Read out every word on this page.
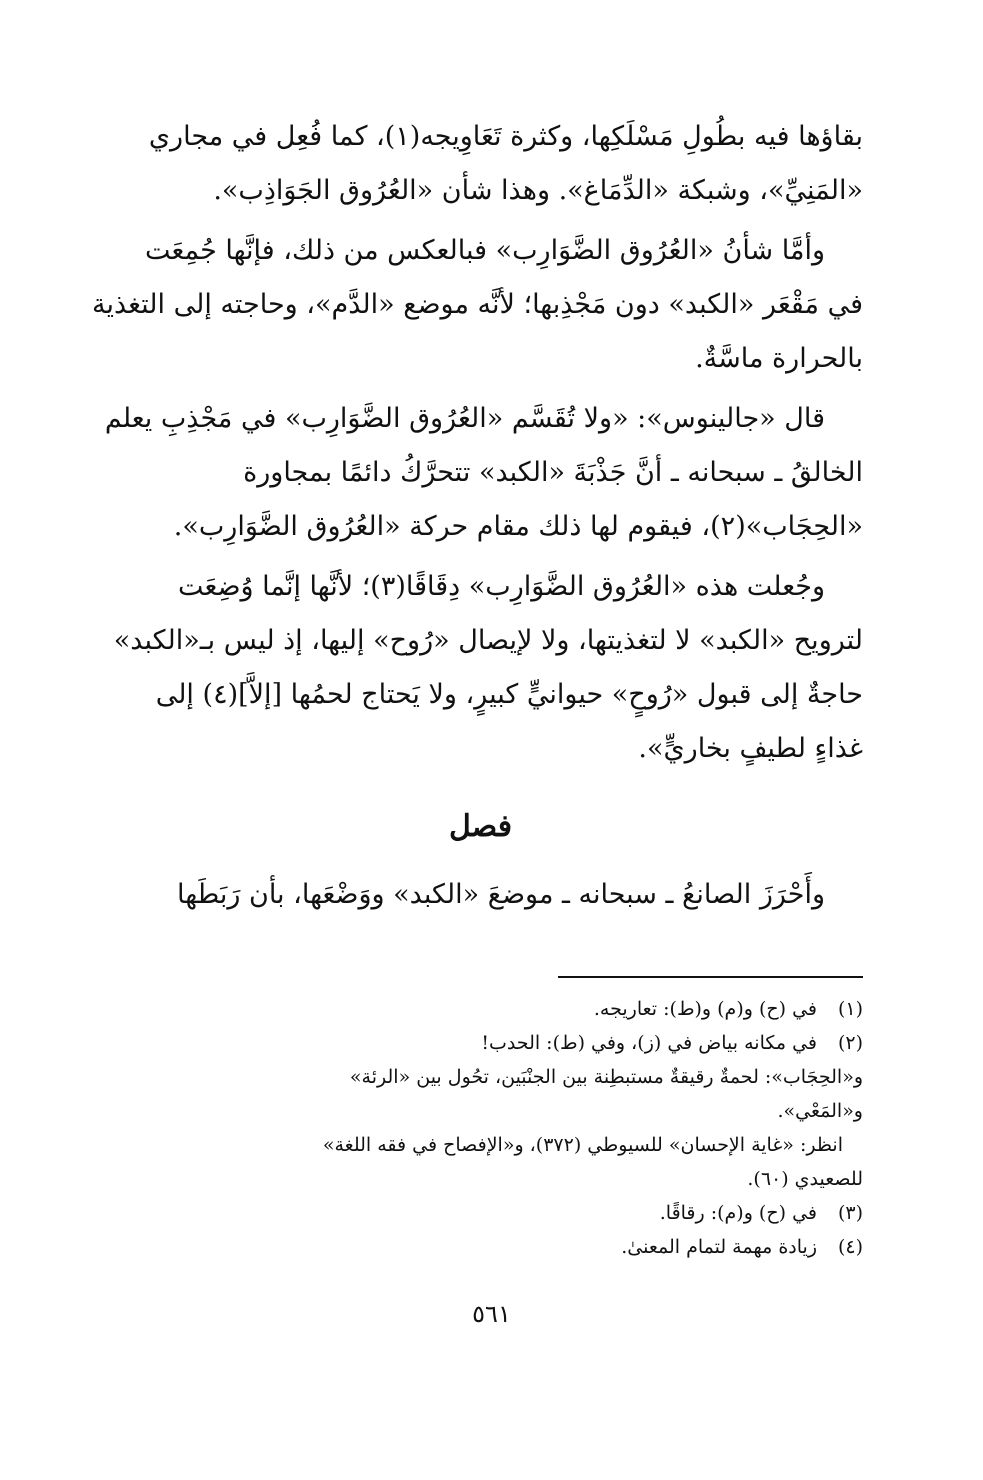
بقاؤها فيه بطُولِ مَسْلَكِها، وكثرة تَعَاوِيجه(١)، كما فُعِل في مجاري
«المَنِيِّ»، وشبكة «الدِّمَاغ». وهذا شأن «العُرُوق الجَوَاذِب».
وأمَّا شأنُ «العُرُوق الضَّوَارِب» فبالعكس من ذلك، فإنَّها جُمِعَت
في مَقْعَر «الكبد» دون مَجْذِبها؛ لأنَّه موضع «الدَّم»، وحاجته إلى التغذية
بالحرارة ماسَّةٌ.
قال «جالينوس»: «ولا تُقَسَّم «العُرُوق الضَّوَارِب» في مَجْذِبِ يعلم
الخالقُ ـ سبحانه ـ أنَّ جَذْبَةَ «الكبد» تتحرَّكُ دائمًا بمجاورة
«الحِجَاب»(٢)، فيقوم لها ذلك مقام حركة «العُرُوق الضَّوَارِب».
وجُعلت هذه «العُرُوق الضَّوَارِب» دِقَاقًا(٣)؛ لأنَّها إنَّما وُضِعَت
لترويح «الكبد» لا لتغذيتها، ولا لإيصال «رُوح» إليها، إذ ليس بـ«الكبد»
حاجةٌ إلى قبول «رُوحٍ» حيوانيٍّ كبيرٍ، ولا يَحتاج لحمُها [إلاَّ](٤) إلى
غذاءٍ لطيفٍ بخاريٍّ».
فصل
وأَحْرَزَ الصانعُ ـ سبحانه ـ موضعَ «الكبد» ووَضْعَها، بأن رَبَطَها
(١)في (ح) و(م) و(ط): تعاريجه.
(٢)في مكانه بياض في (ز)، وفي (ط): الحدب!
و«الحِجَاب»: لحمةٌ رقيقةٌ مستبطِنة بين الجنْبَين، تحُول بين «الرئة»
و«المَعْي».
انظر: «غاية الإحسان» للسيوطي (٣٧٢)، و«الإفصاح في فقه اللغة»
للصعيدي (٦٠).
(٣)في (ح) و(م): رقاقًا.
(٤)زيادة مهمة لتمام المعنىٰ.
٥٦١
